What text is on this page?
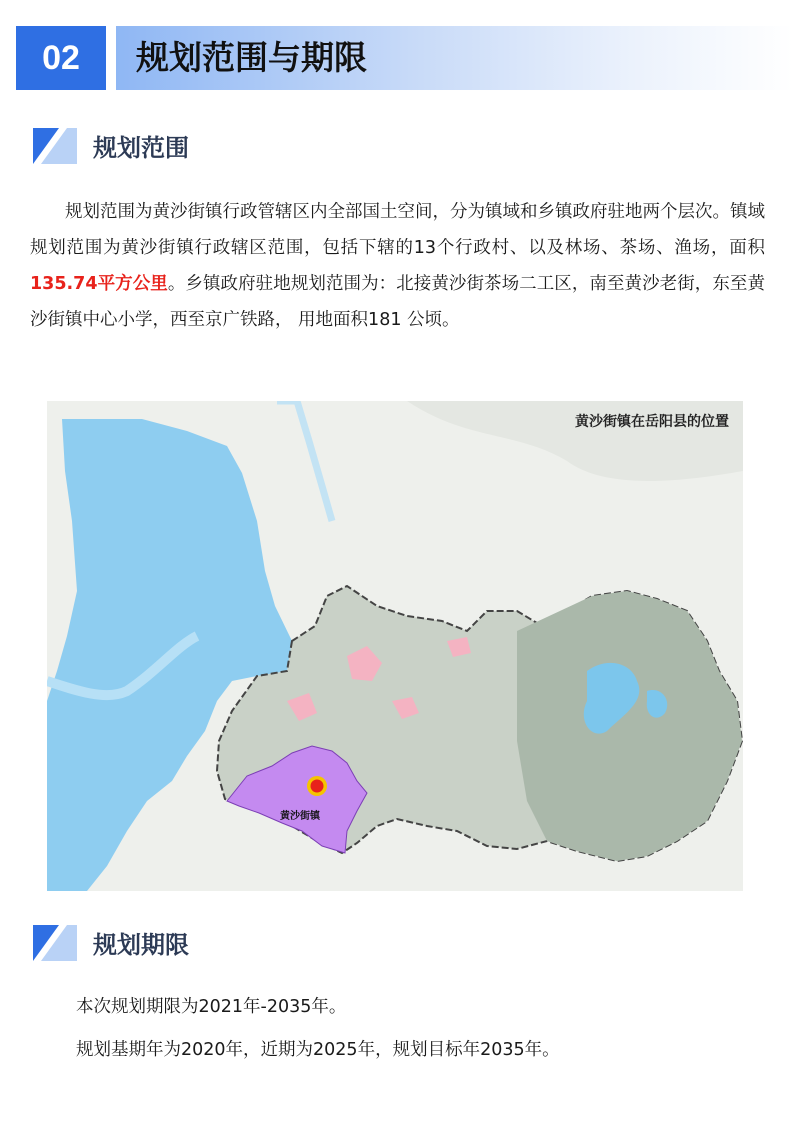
02	规划范围与期限
规划范围

规划范围为黄沙街镇行政管辖区内全部国土空间，分为镇域和乡镇政府驻地两个层次。镇域规划范围为黄沙街镇行政辖区范围，包括下辖的13个行政村、以及林场、茶场、渔场，面积135.74平方公里。乡镇政府驻地规划范围为：北接黄沙街茶场二工区，南至黄沙老街，东至黄沙街镇中心小学，西至京广铁路， 用地面积181 公顷。

黄沙街镇在岳阳县的位置
黄沙街镇
规划期限

本次规划期限为2021年-2035年。

规划基期年为2020年，近期为2025年，规划目标年2035年。
